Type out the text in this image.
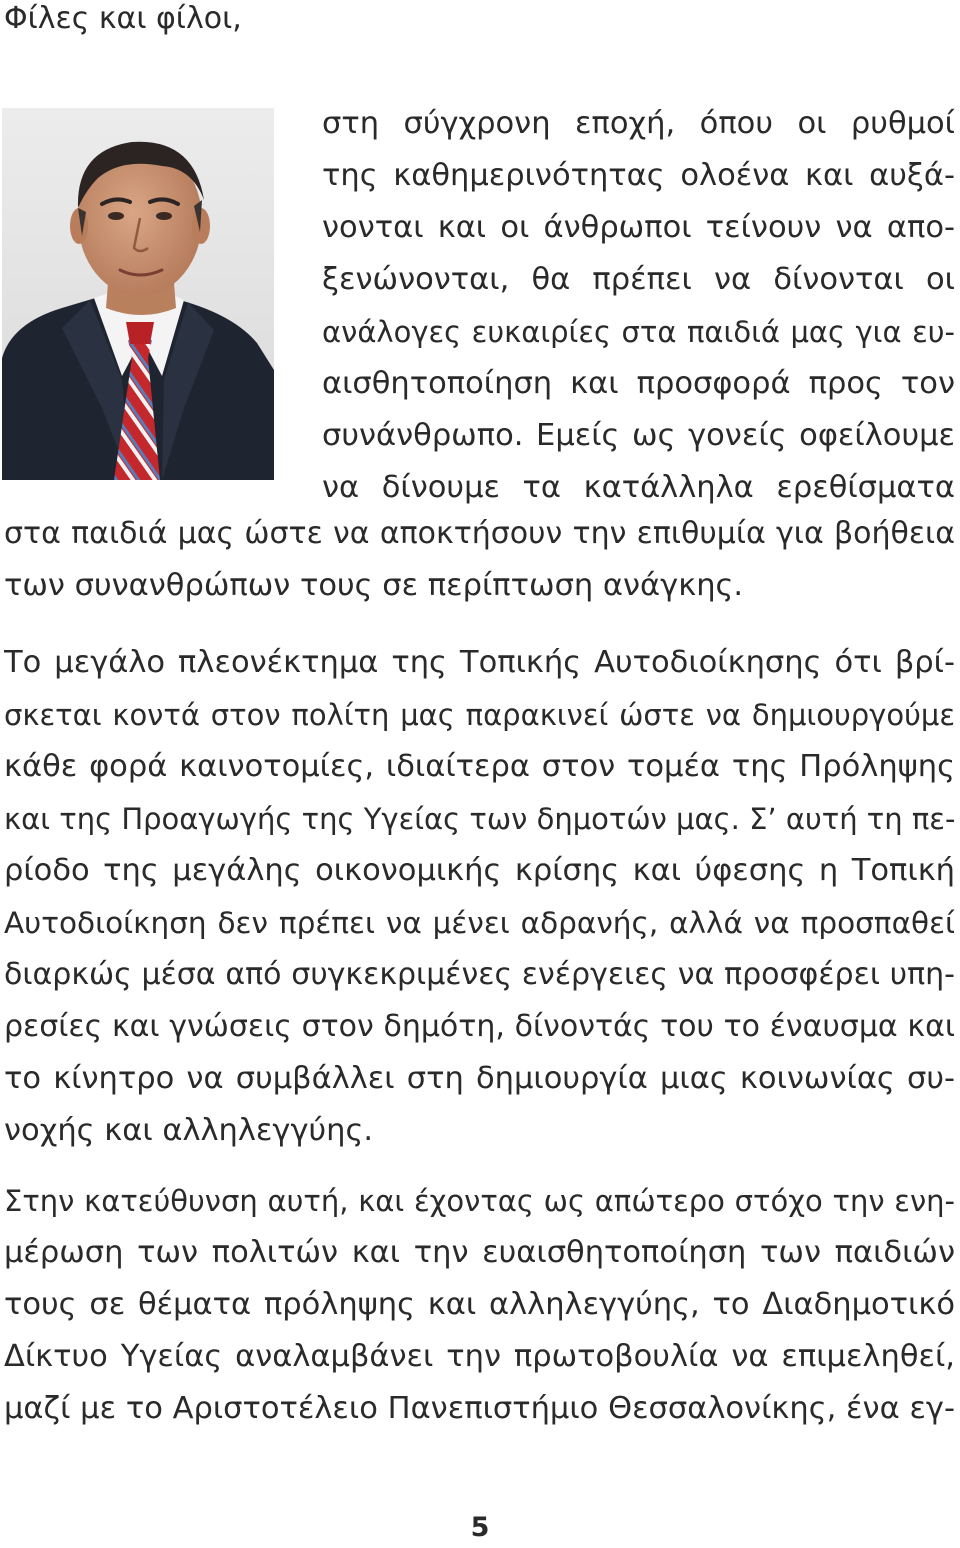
Φίλες και φίλοι,
στη σύγχρονη εποχή, όπου οι ρυθμοί
της καθημερινότητας ολοένα και αυξά-
νονται και οι άνθρωποι τείνουν να απο-
ξενώνονται, θα πρέπει να δίνονται οι
ανάλογες ευκαιρίες στα παιδιά μας για ευ-
αισθητοποίηση και προσφορά προς τον
συνάνθρωπο. Εμείς ως γονείς οφείλουμε
να δίνουμε τα κατάλληλα ερεθίσματα
στα παιδιά μας ώστε να αποκτήσουν την επιθυμία για βοήθεια
των συνανθρώπων τους σε περίπτωση ανάγκης.
Το μεγάλο πλεονέκτημα της Τοπικής Αυτοδιοίκησης ότι βρί-
σκεται κοντά στον πολίτη μας παρακινεί ώστε να δημιουργούμε
κάθε φορά καινοτομίες, ιδιαίτερα στον τομέα της Πρόληψης
και της Προαγωγής της Υγείας των δημοτών μας. Σ’ αυτή τη πε-
ρίοδο της μεγάλης οικονομικής κρίσης και ύφεσης η Τοπική
Αυτοδιοίκηση δεν πρέπει να μένει αδρανής, αλλά να προσπαθεί
διαρκώς μέσα από συγκεκριμένες ενέργειες να προσφέρει υπη-
ρεσίες και γνώσεις στον δημότη, δίνοντάς του το έναυσμα και
το κίνητρο να συμβάλλει στη δημιουργία μιας κοινωνίας συ-
νοχής και αλληλεγγύης.
Στην κατεύθυνση αυτή, και έχοντας ως απώτερο στόχο την ενη-
μέρωση των πολιτών και την ευαισθητοποίηση των παιδιών
τους σε θέματα πρόληψης και αλληλεγγύης, το Διαδημοτικό
Δίκτυο Υγείας αναλαμβάνει την πρωτοβουλία να επιμεληθεί,
μαζί με το Αριστοτέλειο Πανεπιστήμιο Θεσσαλονίκης, ένα εγ-
5
